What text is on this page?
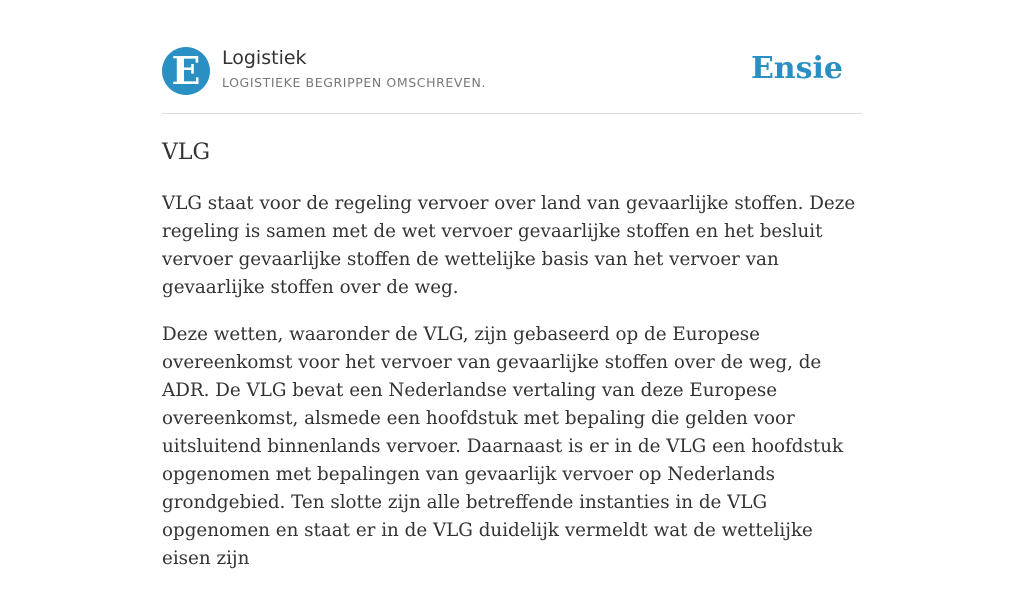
E	Logistiek
LOGISTIEKE BEGRIPPEN OMSCHREVEN.	Ensie
VLG

VLG staat voor de regeling vervoer over land van gevaarlijke stoffen. Deze regeling is samen met de wet vervoer gevaarlijke stoffen en het besluit vervoer gevaarlijke stoffen de wettelijke basis van het vervoer van gevaarlijke stoffen over de weg.

Deze wetten, waaronder de VLG, zijn gebaseerd op de Europese overeenkomst voor het vervoer van gevaarlijke stoffen over de weg, de ADR. De VLG bevat een Nederlandse vertaling van deze Europese overeenkomst, alsmede een hoofdstuk met bepaling die gelden voor uitsluitend binnenlands vervoer. Daarnaast is er in de VLG een hoofdstuk opgenomen met bepalingen van gevaarlijk vervoer op Nederlands grondgebied. Ten slotte zijn alle betreffende instanties in de VLG opgenomen en staat er in de VLG duidelijk vermeldt wat de wettelijke eisen zijn
